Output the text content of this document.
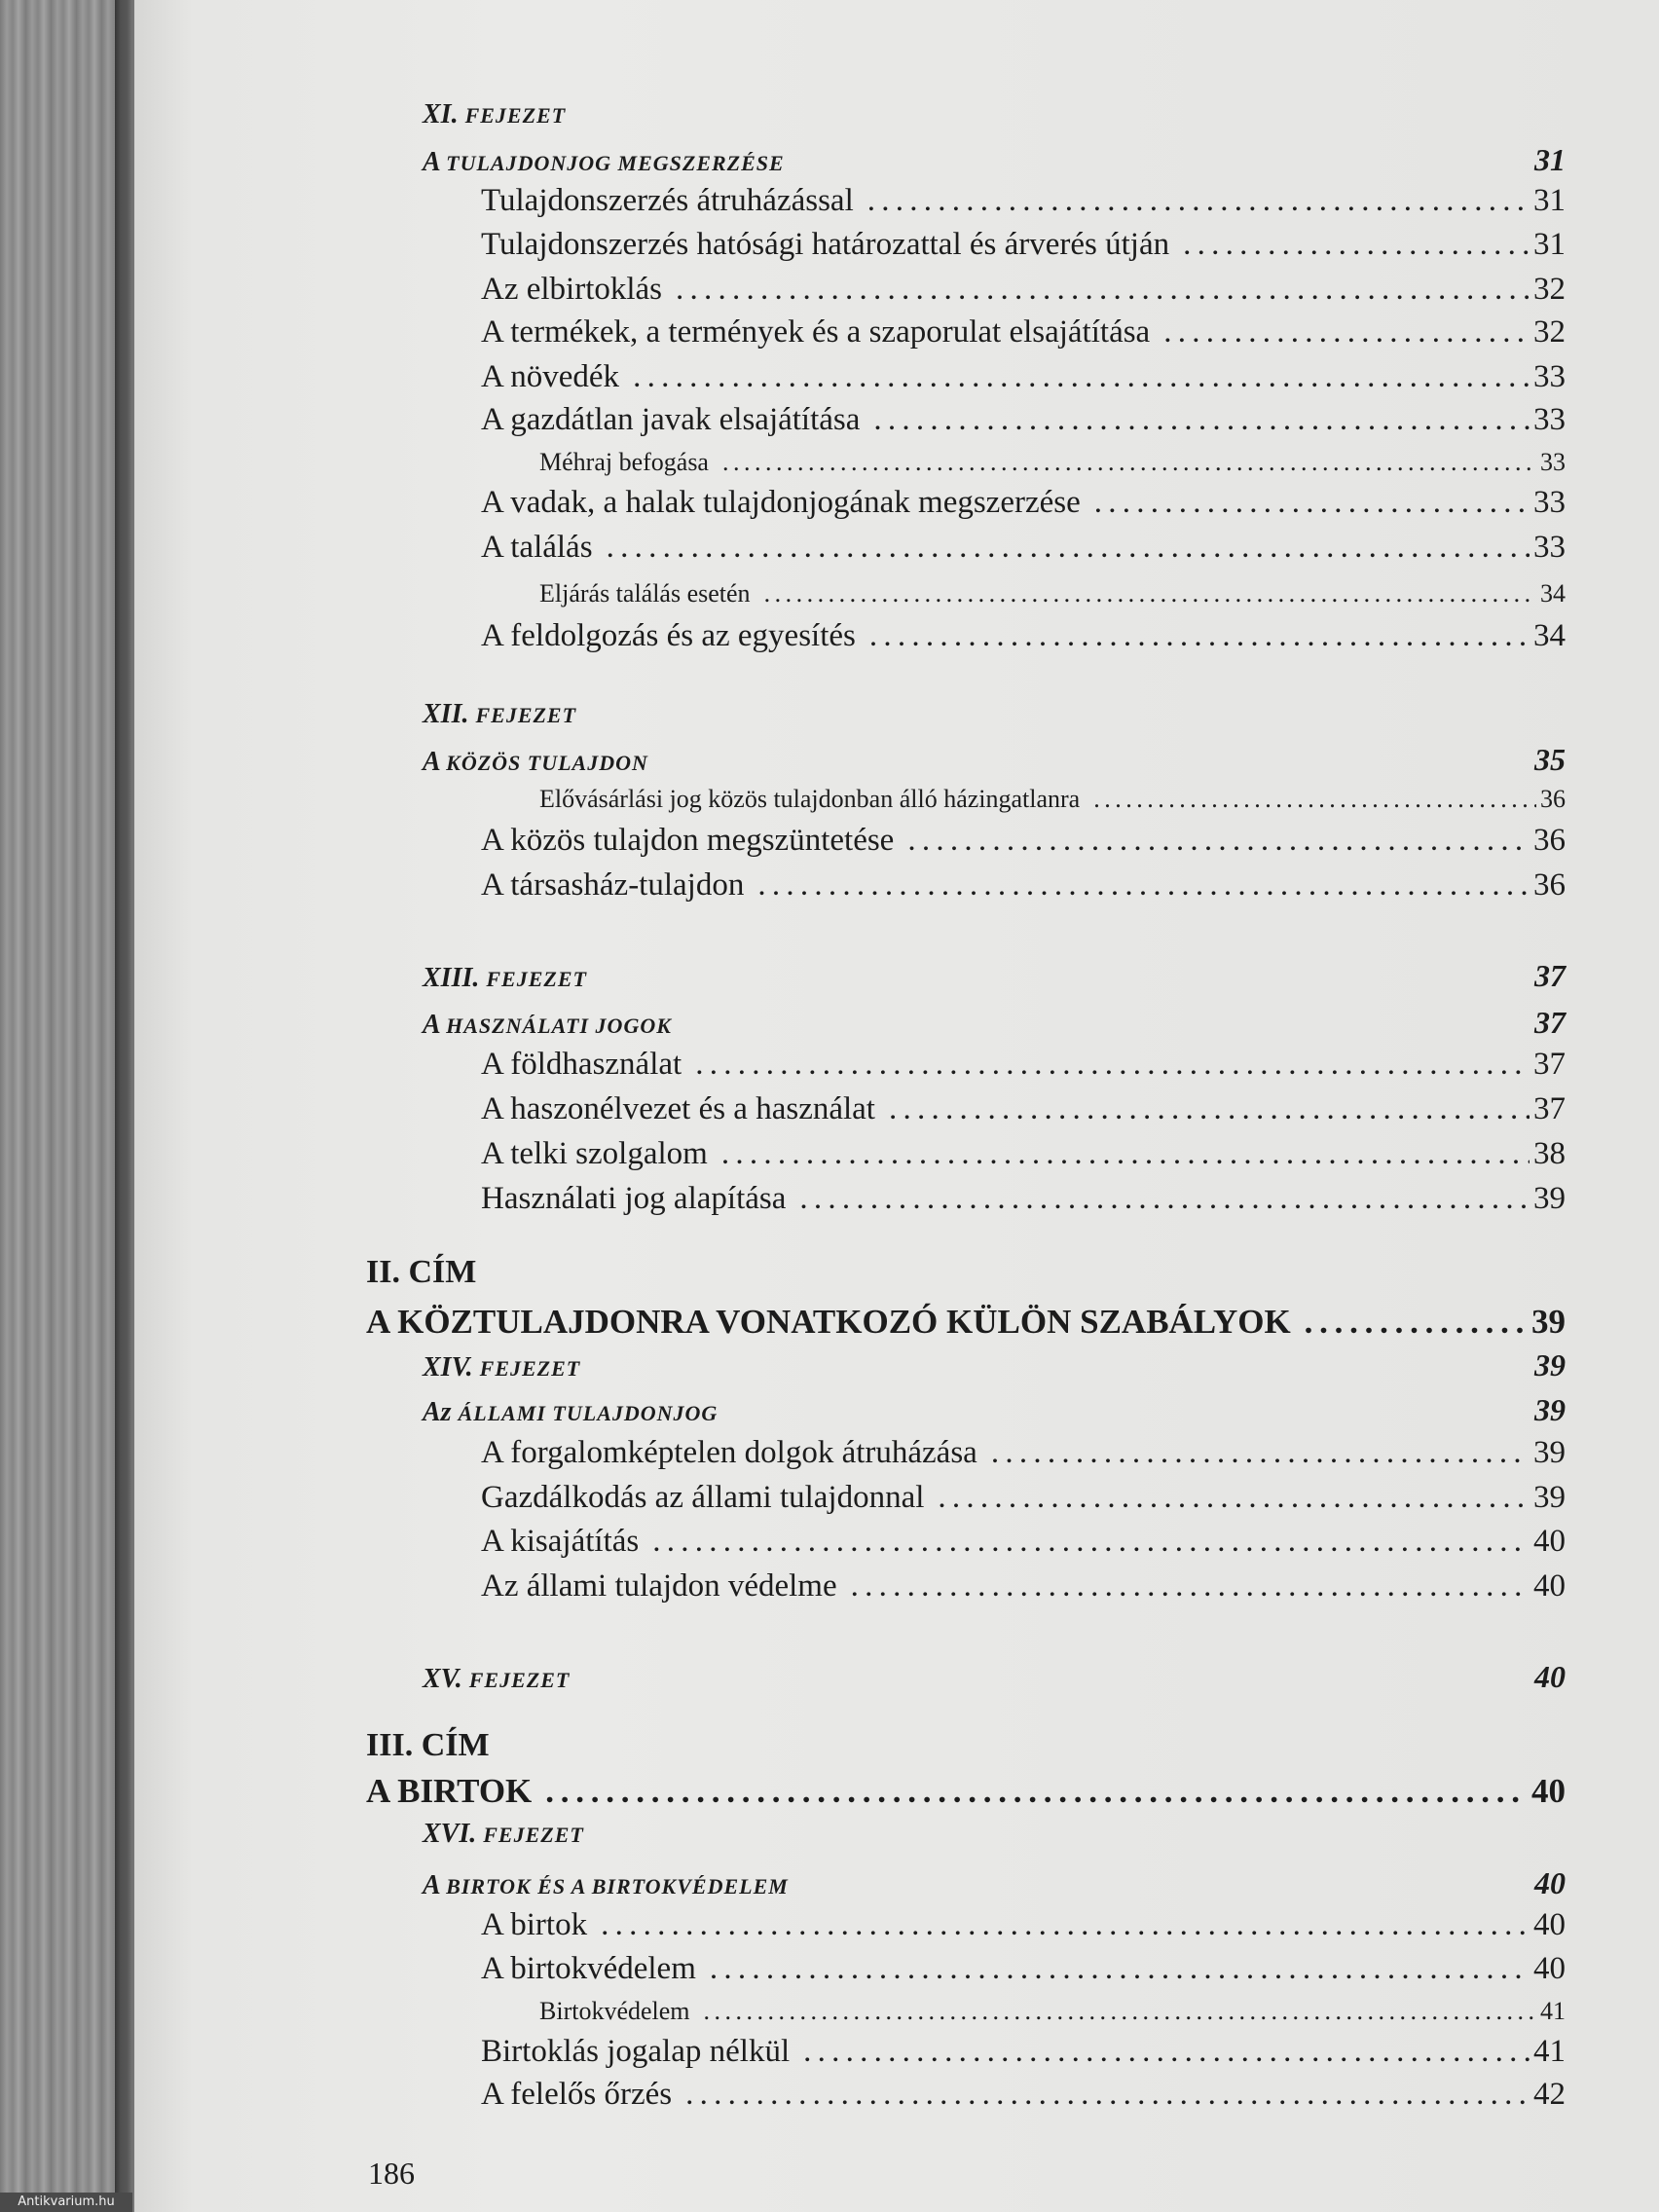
XI. FEJEZET
A TULAJDONJOG MEGSZERZÉSE	31
Tulajdonszerzés átruházással . . .	31
Tulajdonszerzés hatósági határozattal és árverés útján . . .	31
Az elbirtoklás . . .	32
A termékek, a termények és a szaporulat elsajátítása . . .	32
A növedék . . .	33
A gazdátlan javak elsajátítása . . .	33
Méhraj befogása . . .	33
A vadak, a halak tulajdonjogának megszerzése . . .	33
A találás . . .	33
Eljárás találás esetén . . .	34
A feldolgozás és az egyesítés . . .	34
XII. FEJEZET
A KÖZÖS TULAJDON	35
Elővásárlási jog közös tulajdonban álló házingatlanra . . .	36
A közös tulajdon megszüntetése . . .	36
A társasház-tulajdon . . .	36
XIII. FEJEZET	37
A HASZNÁLATI JOGOK	37
A földhasználat . . .	37
A haszonélvezet és a használat . . .	37
A telki szolgalom . . .	38
Használati jog alapítása . . .	39
II. CÍM
A KÖZTULAJDONRA VONATKOZÓ KÜLÖN SZABÁLYOK . . .	39
XIV. FEJEZET	39
Az ÁLLAMI TULAJDONJOG	39
A forgalomképtelen dolgok átruházása . . .	39
Gazdálkodás az állami tulajdonnal . . .	39
A kisajátítás . . .	40
Az állami tulajdon védelme . . .	40
XV. FEJEZET	40
III. CÍM
A BIRTOK . . .	40
XVI. FEJEZET
A BIRTOK ÉS A BIRTOKVÉDELEM	40
A birtok . . .	40
A birtokvédelem . . .	40
Birtokvédelem . . .	41
Birtoklás jogalap nélkül . . .	41
A felelős őrzés . . .	42
186
Antikvarium.hu
